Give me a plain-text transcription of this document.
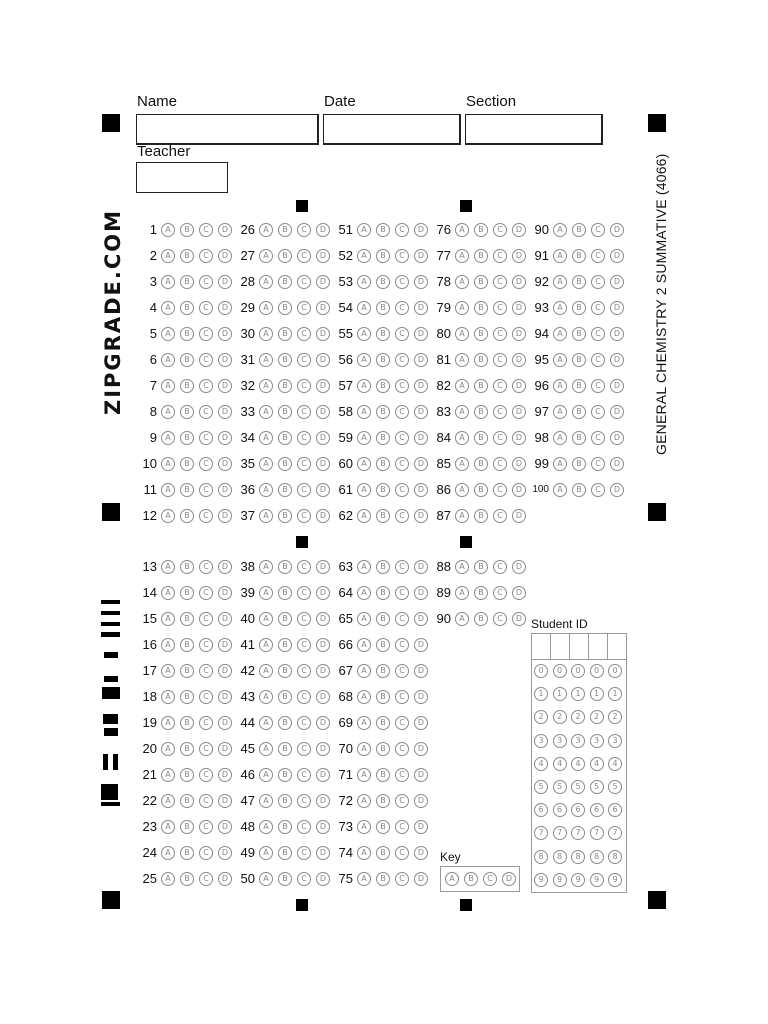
Name	Date	Section
Teacher
ZIPGRADE.COM	GENERAL CHEMISTRY 2 SUMMATIVE (4066)
1	A	B	C	D
2	A	B	C	D
3	A	B	C	D
4	A	B	C	D
5	A	B	C	D
6	A	B	C	D
7	A	B	C	D
8	A	B	C	D
9	A	B	C	D
10	A	B	C	D
11	A	B	C	D
12	A	B	C	D
13	A	B	C	D
14	A	B	C	D
15	A	B	C	D
16	A	B	C	D
17	A	B	C	D
18	A	B	C	D
19	A	B	C	D
20	A	B	C	D
21	A	B	C	D
22	A	B	C	D
23	A	B	C	D
24	A	B	C	D
25	A	B	C	D
26	A	B	C	D
27	A	B	C	D
28	A	B	C	D
29	A	B	C	D
30	A	B	C	D
31	A	B	C	D
32	A	B	C	D
33	A	B	C	D
34	A	B	C	D
35	A	B	C	D
36	A	B	C	D
37	A	B	C	D
38	A	B	C	D
39	A	B	C	D
40	A	B	C	D
41	A	B	C	D
42	A	B	C	D
43	A	B	C	D
44	A	B	C	D
45	A	B	C	D
46	A	B	C	D
47	A	B	C	D
48	A	B	C	D
49	A	B	C	D
50	A	B	C	D
51	A	B	C	D
52	A	B	C	D
53	A	B	C	D
54	A	B	C	D
55	A	B	C	D
56	A	B	C	D
57	A	B	C	D
58	A	B	C	D
59	A	B	C	D
60	A	B	C	D
61	A	B	C	D
62	A	B	C	D
63	A	B	C	D
64	A	B	C	D
65	A	B	C	D
66	A	B	C	D
67	A	B	C	D
68	A	B	C	D
69	A	B	C	D
70	A	B	C	D
71	A	B	C	D
72	A	B	C	D
73	A	B	C	D
74	A	B	C	D
75	A	B	C	D
76	A	B	C	D
77	A	B	C	D
78	A	B	C	D
79	A	B	C	D
80	A	B	C	D
81	A	B	C	D
82	A	B	C	D
83	A	B	C	D
84	A	B	C	D
85	A	B	C	D
86	A	B	C	D
87	A	B	C	D
88	A	B	C	D
89	A	B	C	D
90	A	B	C	D
90	A	B	C	D
91	A	B	C	D
92	A	B	C	D
93	A	B	C	D
94	A	B	C	D
95	A	B	C	D
96	A	B	C	D
97	A	B	C	D
98	A	B	C	D
99	A	B	C	D
100	A	B	C	D
Student ID
0	0	0	0	0
1	1	1	1	1
2	2	2	2	2
3	3	3	3	3
4	4	4	4	4
5	5	5	5	5
6	6	6	6	6
7	7	7	7	7
8	8	8	8	8
9	9	9	9	9
Key
A	B	C	D
